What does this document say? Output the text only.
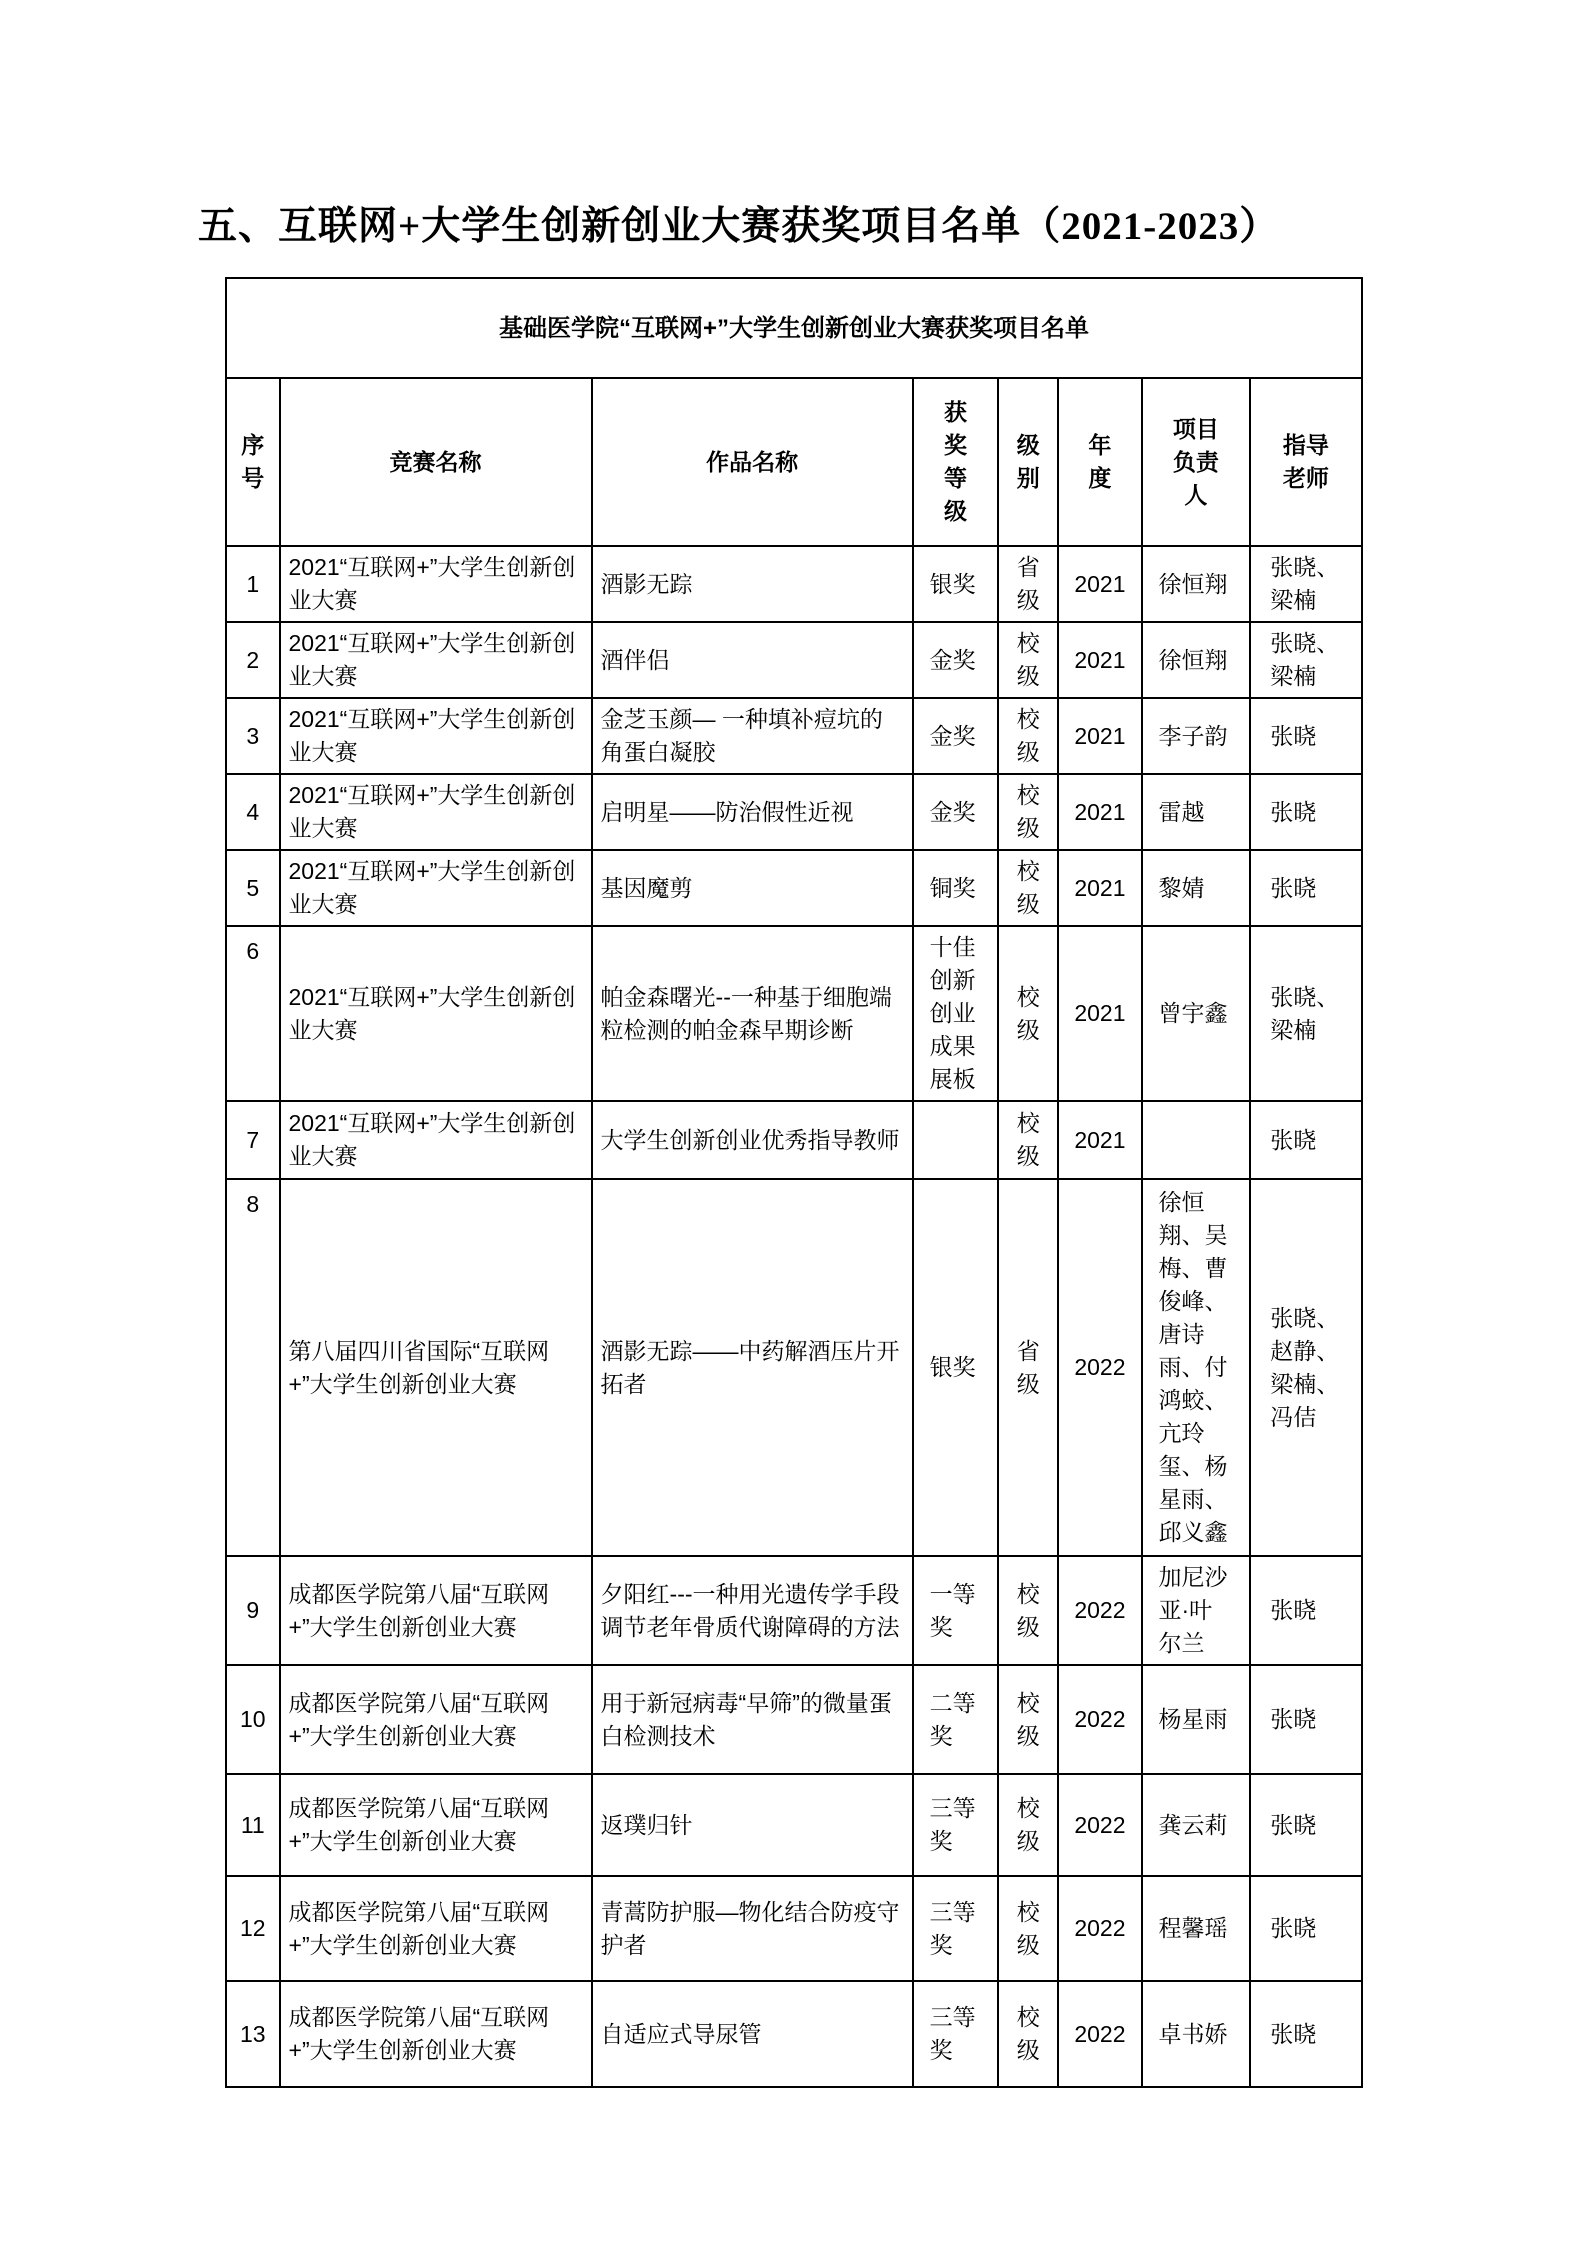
五、互联网+大学生创新创业大赛获奖项目名单（2021-2023）
基础医学院“互联网+”大学生创新创业大赛获奖项目名单							
序号	竞赛名称	作品名称	获奖等级	级别	年度	项目负责人	指导老师
1	2021“互联网+”大学生创新创业大赛	酒影无踪	银奖	省级	2021	徐恒翔	张晓、梁楠
2	2021“互联网+”大学生创新创业大赛	酒伴侣	金奖	校级	2021	徐恒翔	张晓、梁楠
3	2021“互联网+”大学生创新创业大赛	金芝玉颜— 一种填补痘坑的角蛋白凝胶	金奖	校级	2021	李子韵	张晓
4	2021“互联网+”大学生创新创业大赛	启明星——防治假性近视	金奖	校级	2021	雷越	张晓
5	2021“互联网+”大学生创新创业大赛	基因魔剪	铜奖	校级	2021	黎婧	张晓
6	2021“互联网+”大学生创新创业大赛	帕金森曙光--一种基于细胞端粒检测的帕金森早期诊断	十佳创新创业成果展板	校级	2021	曾宇鑫	张晓、梁楠
7	2021“互联网+”大学生创新创业大赛	大学生创新创业优秀指导教师		校级	2021		张晓
8	第八届四川省国际“互联网+”大学生创新创业大赛	酒影无踪——中药解酒压片开拓者	银奖	省级	2022	徐恒翔、吴梅、曹俊峰、唐诗雨、付鸿蛟、亢玲玺、杨星雨、邱义鑫	张晓、赵静、梁楠、冯佶
9	成都医学院第八届“互联网+”大学生创新创业大赛	夕阳红---一种用光遗传学手段调节老年骨质代谢障碍的方法	一等奖	校级	2022	加尼沙亚·叶尔兰	张晓
10	成都医学院第八届“互联网+”大学生创新创业大赛	用于新冠病毒“早筛”的微量蛋白检测技术	二等奖	校级	2022	杨星雨	张晓
11	成都医学院第八届“互联网+”大学生创新创业大赛	返璞归针	三等奖	校级	2022	龚云莉	张晓
12	成都医学院第八届“互联网+”大学生创新创业大赛	青蒿防护服—物化结合防疫守护者	三等奖	校级	2022	程馨瑶	张晓
13	成都医学院第八届“互联网+”大学生创新创业大赛	自适应式导尿管	三等奖	校级	2022	卓书娇	张晓
